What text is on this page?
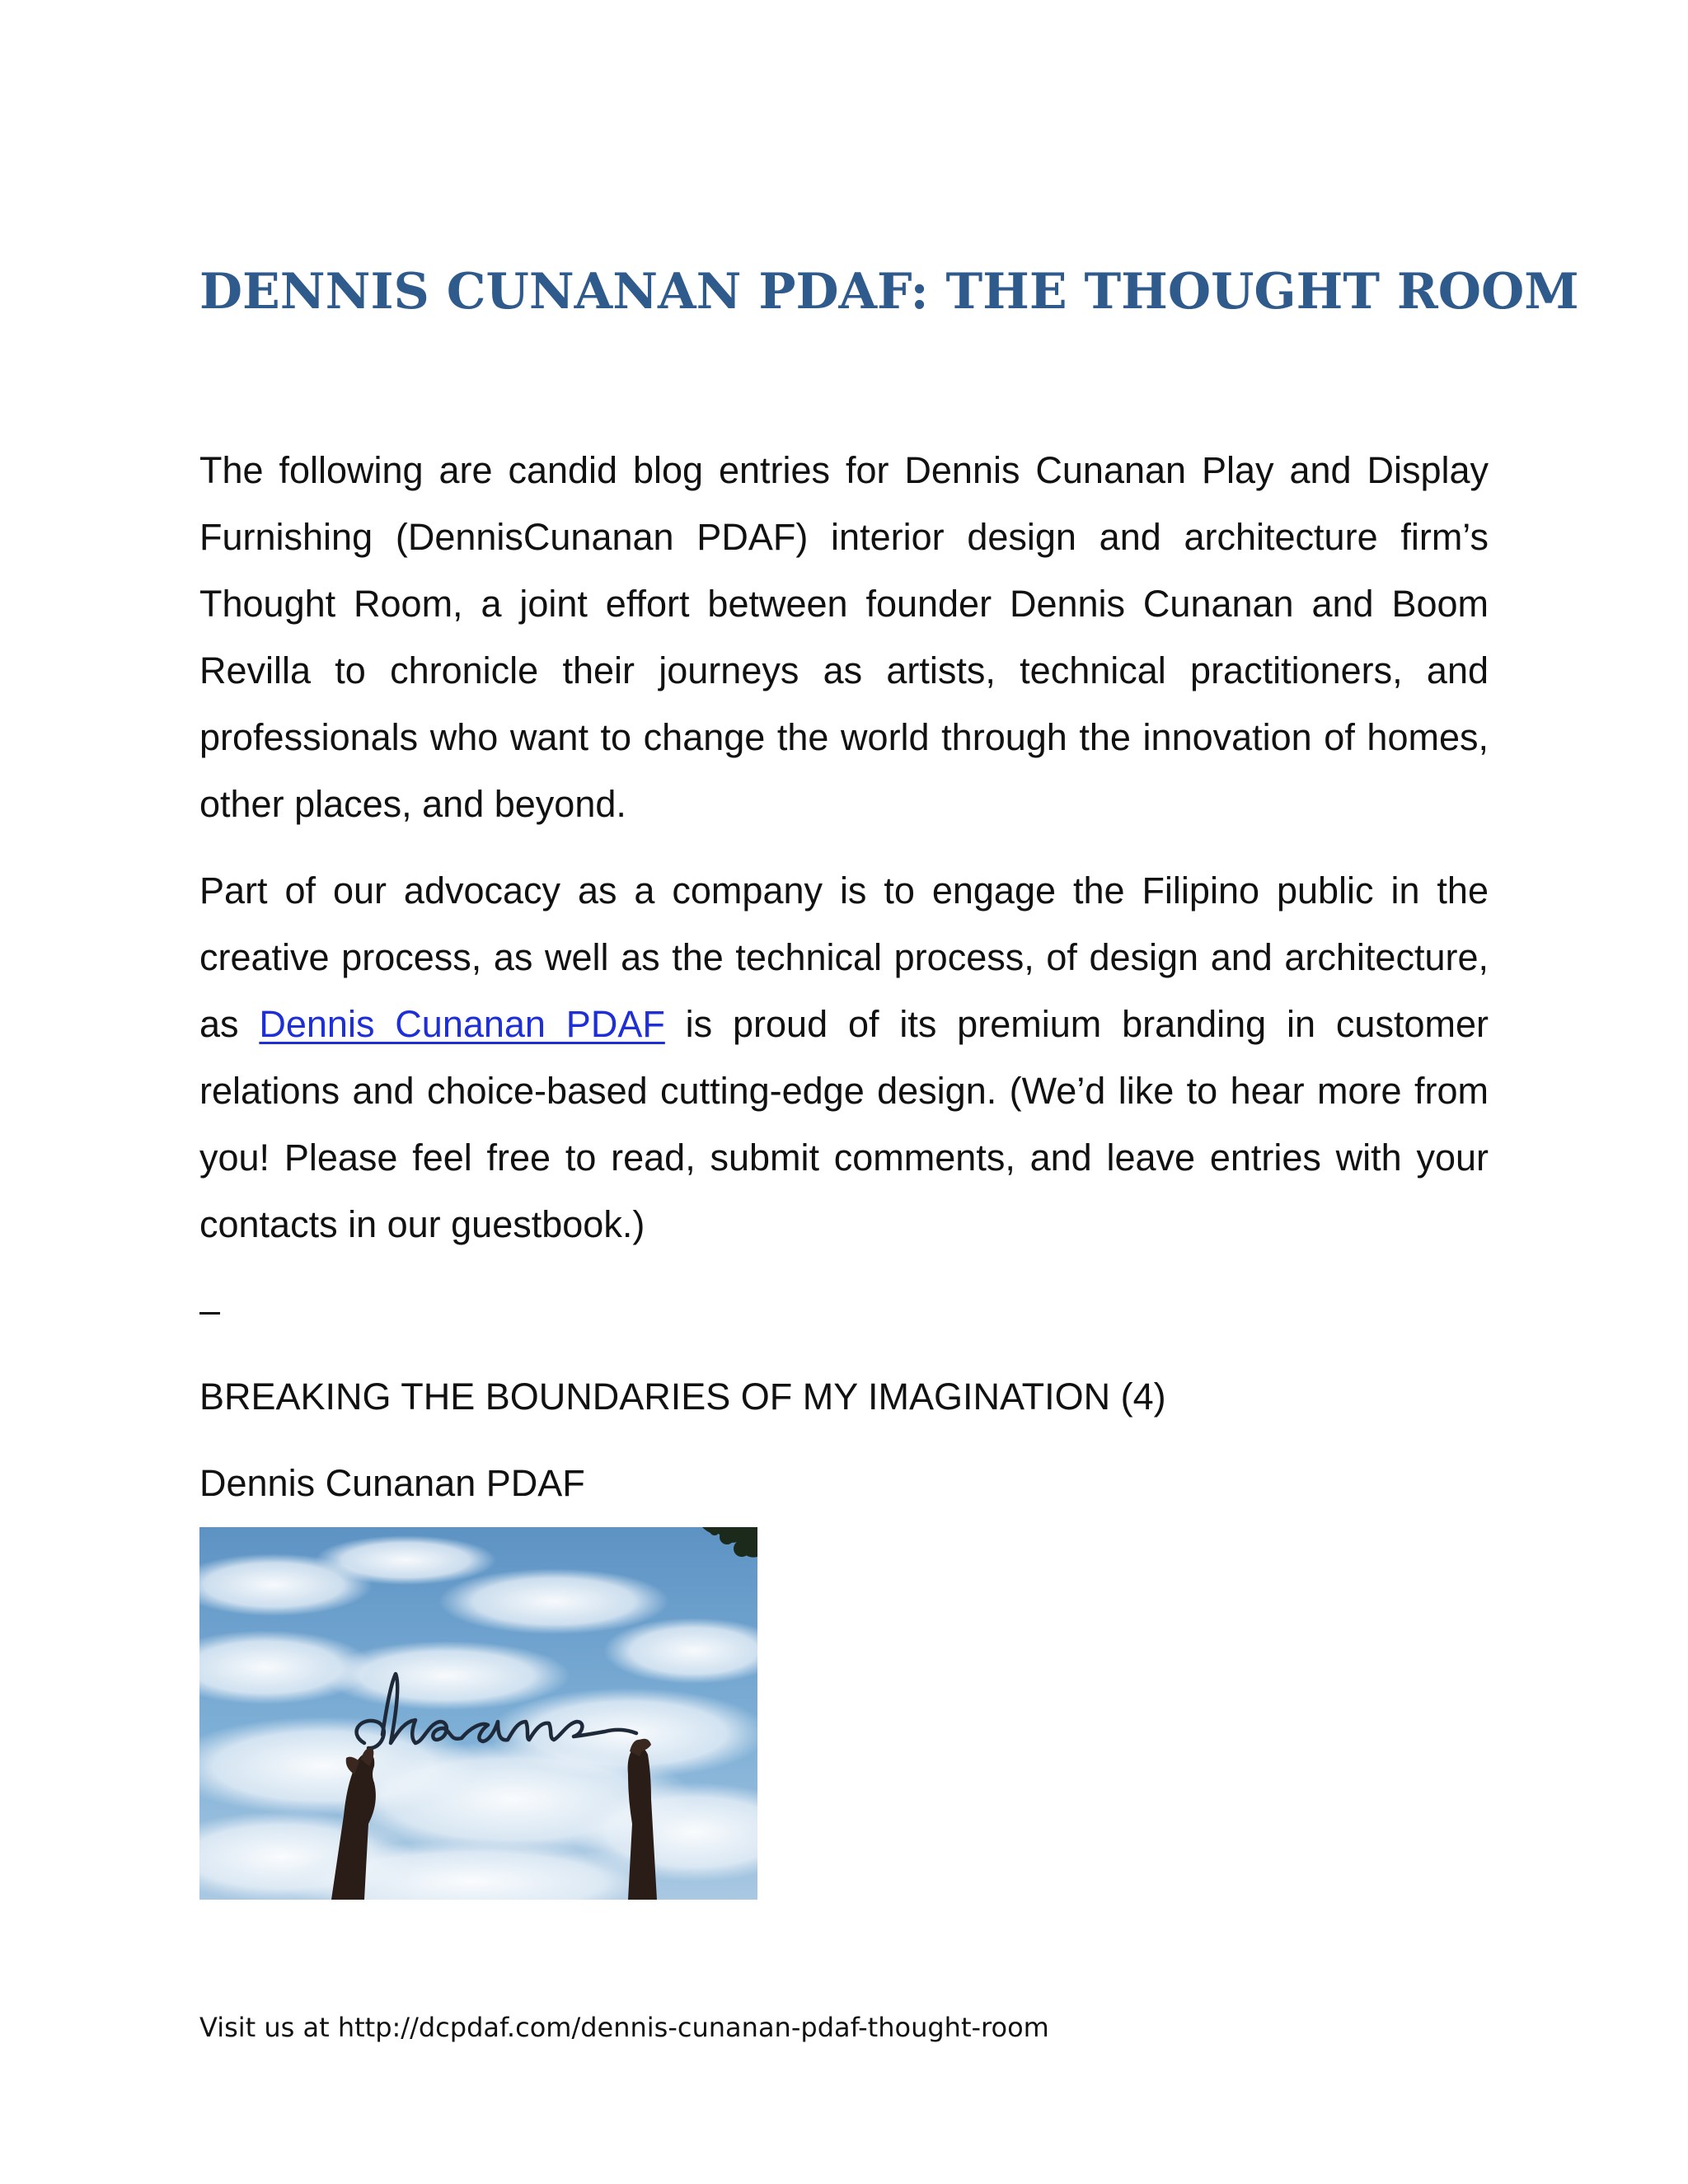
DENNIS CUNANAN PDAF: THE THOUGHT ROOM

The following are candid blog entries for Dennis Cunanan Play and Display Furnishing (DennisCunanan PDAF) interior design and architecture firm’s Thought Room, a joint effort between founder Dennis Cunanan and Boom Revilla to chronicle their journeys as artists, technical practitioners, and professionals who want to change the world through the innovation of homes, other places, and beyond.

Part of our advocacy as a company is to engage the Filipino public in the creative process, as well as the technical process, of design and architecture, as Dennis Cunanan PDAF is proud of its premium branding in customer relations and choice-based cutting-edge design. (We’d like to hear more from you! Please feel free to read, submit comments, and leave entries with your contacts in our guestbook.)

–

BREAKING THE BOUNDARIES OF MY IMAGINATION (4)

Dennis Cunanan PDAF

Visit us at http://dcpdaf.com/dennis-cunanan-pdaf-thought-room
